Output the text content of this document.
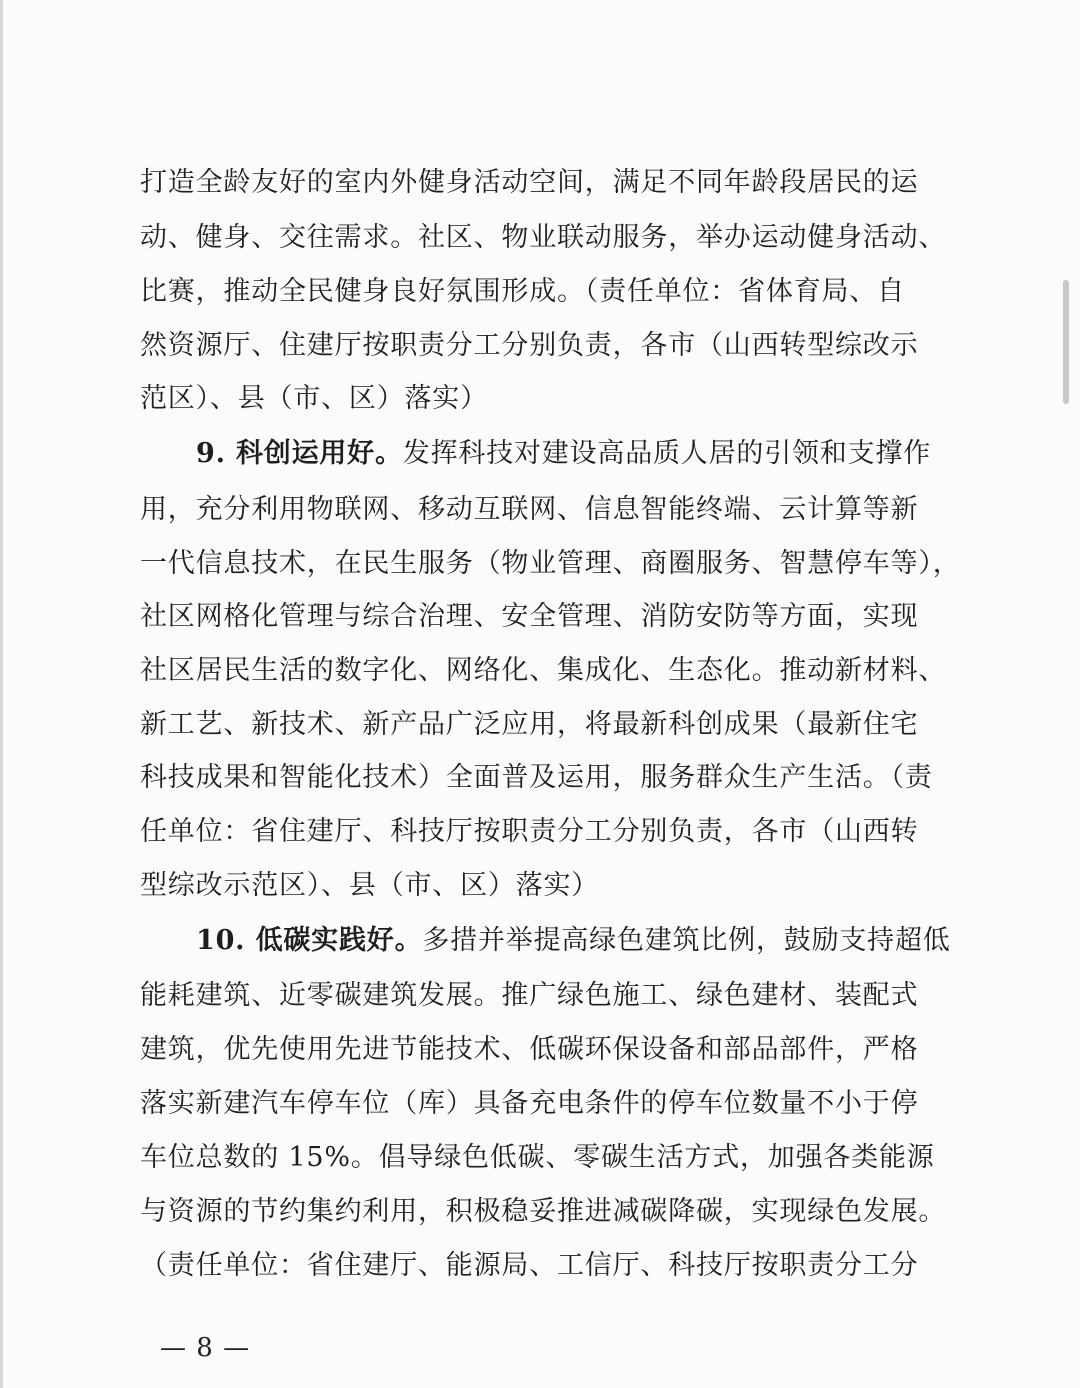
打造全龄友好的室内外健身活动空间，满足不同年龄段居民的运
动、健身、交往需求。社区、物业联动服务，举办运动健身活动、
比赛，推动全民健身良好氛围形成。（责任单位：省体育局、自
然资源厅、住建厅按职责分工分别负责，各市（山西转型综改示
范区）、县（市、区）落实）
9. 科创运用好。发挥科技对建设高品质人居的引领和支撑作
用，充分利用物联网、移动互联网、信息智能终端、云计算等新
一代信息技术，在民生服务（物业管理、商圈服务、智慧停车等），
社区网格化管理与综合治理、安全管理、消防安防等方面，实现
社区居民生活的数字化、网络化、集成化、生态化。推动新材料、
新工艺、新技术、新产品广泛应用，将最新科创成果（最新住宅
科技成果和智能化技术）全面普及运用，服务群众生产生活。（责
任单位：省住建厅、科技厅按职责分工分别负责，各市（山西转
型综改示范区）、县（市、区）落实）
10. 低碳实践好。多措并举提高绿色建筑比例，鼓励支持超低
能耗建筑、近零碳建筑发展。推广绿色施工、绿色建材、装配式
建筑，优先使用先进节能技术、低碳环保设备和部品部件，严格
落实新建汽车停车位（库）具备充电条件的停车位数量不小于停
车位总数的 15%。倡导绿色低碳、零碳生活方式，加强各类能源
与资源的节约集约利用，积极稳妥推进减碳降碳，实现绿色发展。
（责任单位：省住建厅、能源局、工信厅、科技厅按职责分工分
— 8 —
